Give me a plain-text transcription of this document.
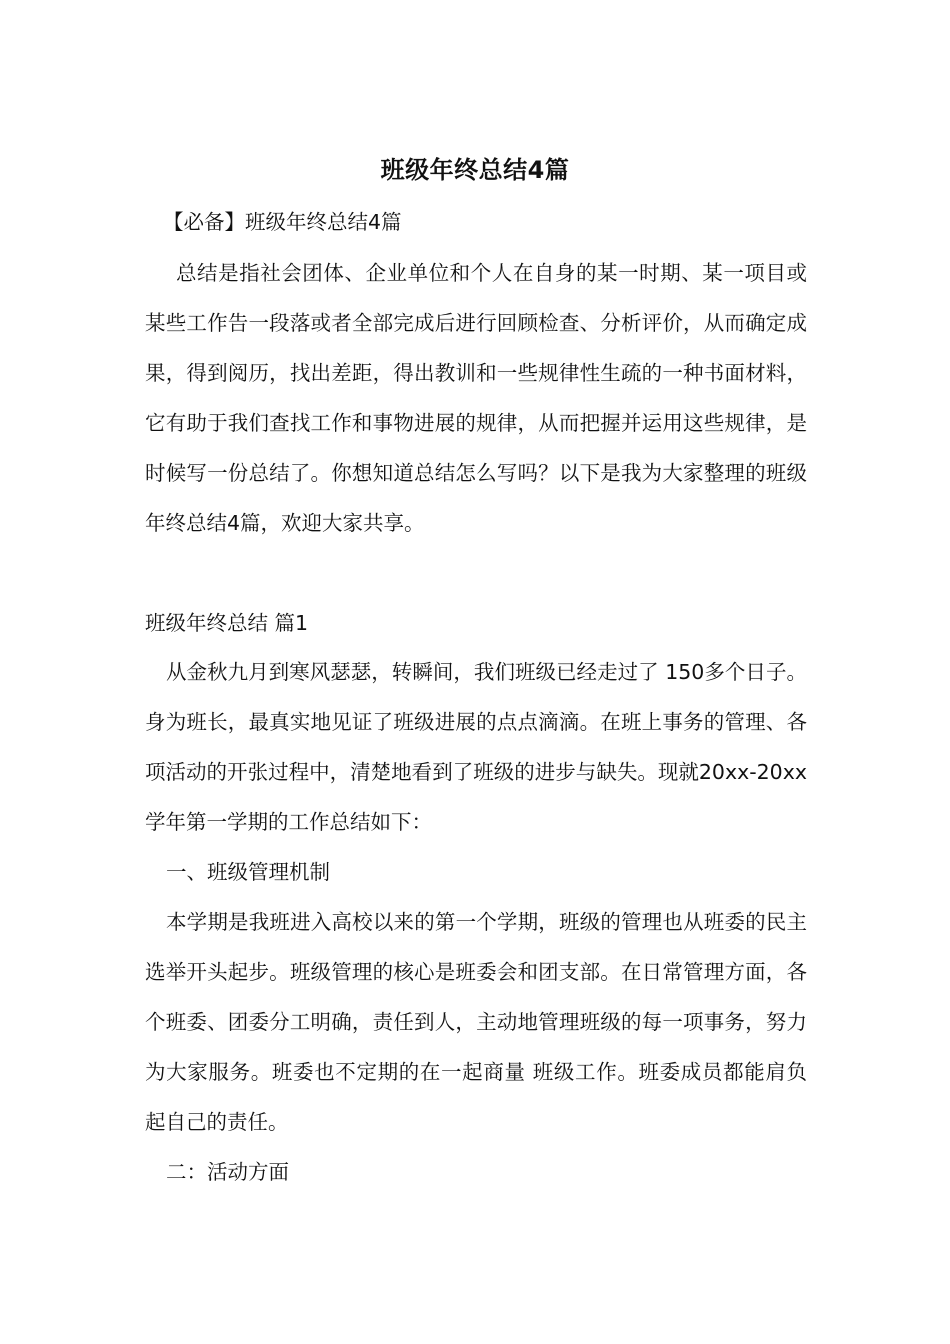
班级年终总结4篇
【必备】班级年终总结4篇

总结是指社会团体、企业单位和个人在自身的某一时期、某一项目或某些工作告一段落或者全部完成后进行回顾检查、分析评价，从而确定成果，得到阅历，找出差距，得出教训和一些规律性生疏的一种书面材料，它有助于我们查找工作和事物进展的规律，从而把握并运用这些规律，是时候写一份总结了。你想知道总结怎么写吗？以下是我为大家整理的班级年终总结4篇，欢迎大家共享。

班级年终总结 篇1

从金秋九月到寒风瑟瑟，转瞬间，我们班级已经走过了 150多个日子。身为班长，最真实地见证了班级进展的点点滴滴。在班上事务的管理、各项活动的开张过程中，清楚地看到了班级的进步与缺失。现就20xx-20xx学年第一学期的工作总结如下：

一、班级管理机制

本学期是我班进入高校以来的第一个学期，班级的管理也从班委的民主选举开头起步。班级管理的核心是班委会和团支部。在日常管理方面，各个班委、团委分工明确，责任到人，主动地管理班级的每一项事务，努力为大家服务。班委也不定期的在一起商量 班级工作。班委成员都能肩负起自己的责任。

二：活动方面
